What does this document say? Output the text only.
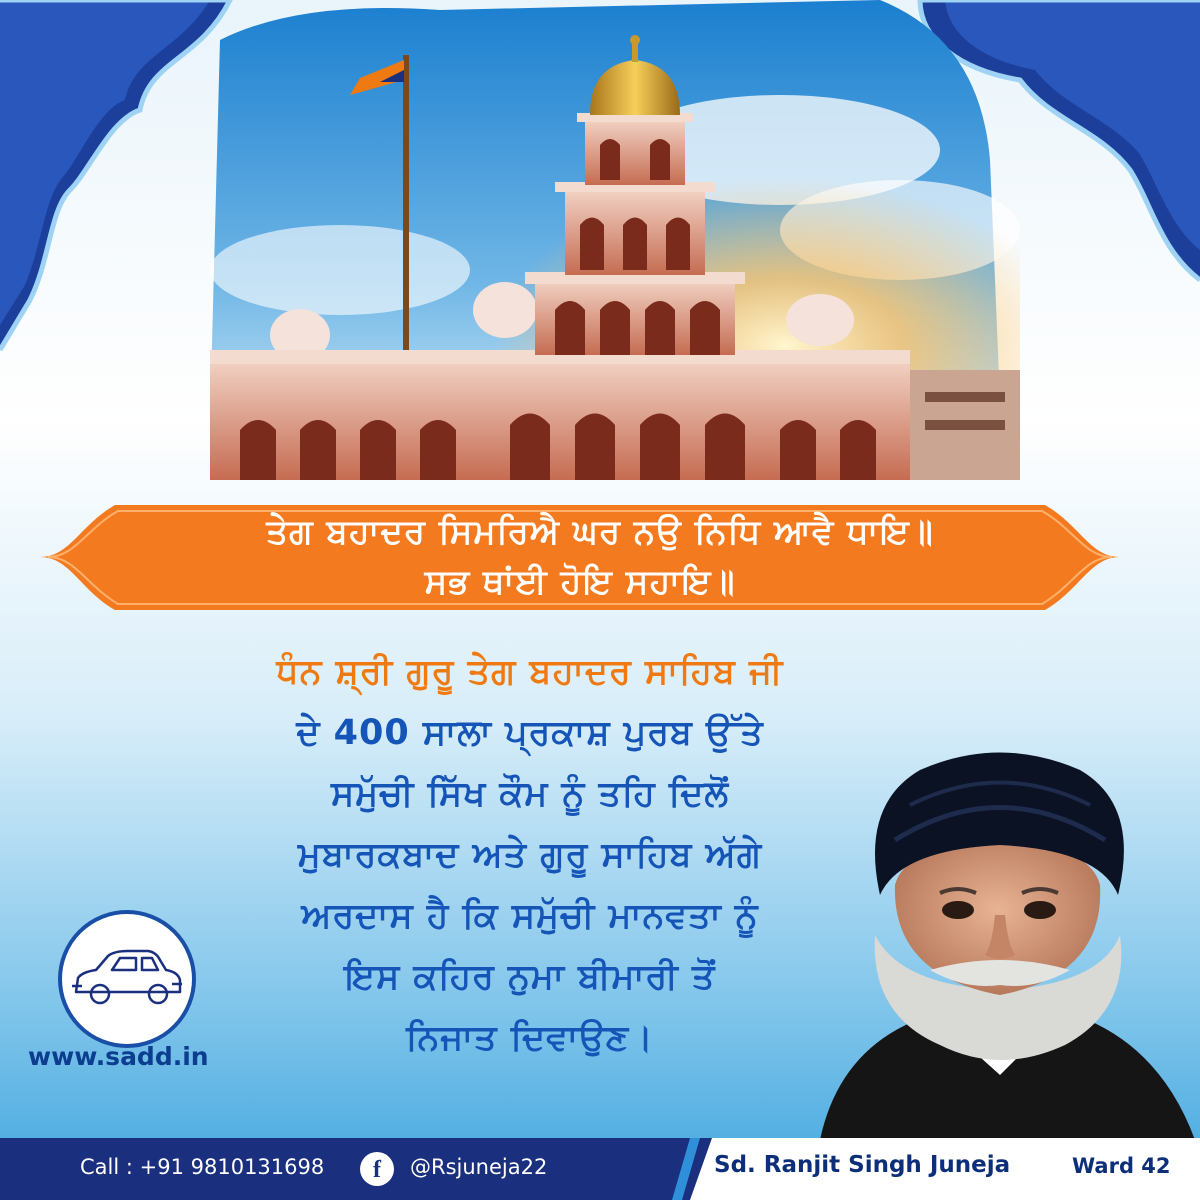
ਤੇਗ ਬਹਾਦਰ ਸਿਮਰਿਐ ਘਰ ਨਉ ਨਿਧਿ ਆਵੈ ਧਾਇ॥
ਸਭ ਥਾਂਈ ਹੋਇ ਸਹਾਇ॥
ਧੰਨ ਸ਼੍ਰੀ ਗੁਰੂ ਤੇਗ ਬਹਾਦਰ ਸਾਹਿਬ ਜੀ
ਦੇ 400 ਸਾਲਾ ਪ੍ਰਕਾਸ਼ ਪੁਰਬ ਉੱਤੇ
ਸਮੁੱਚੀ ਸਿੱਖ ਕੌਮ ਨੂੰ ਤਹਿ ਦਿਲੋਂ
ਮੁਬਾਰਕਬਾਦ ਅਤੇ ਗੁਰੂ ਸਾਹਿਬ ਅੱਗੇ
ਅਰਦਾਸ ਹੈ ਕਿ ਸਮੁੱਚੀ ਮਾਨਵਤਾ ਨੂੰ
ਇਸ ਕਹਿਰ ਨੁਮਾ ਬੀਮਾਰੀ ਤੋਂ
ਨਿਜਾਤ ਦਿਵਾਉਣ।
www.sadd.in
Call : +91 9810131698	f	@Rsjuneja22	Sd. Ranjit Singh Juneja	Ward 42
